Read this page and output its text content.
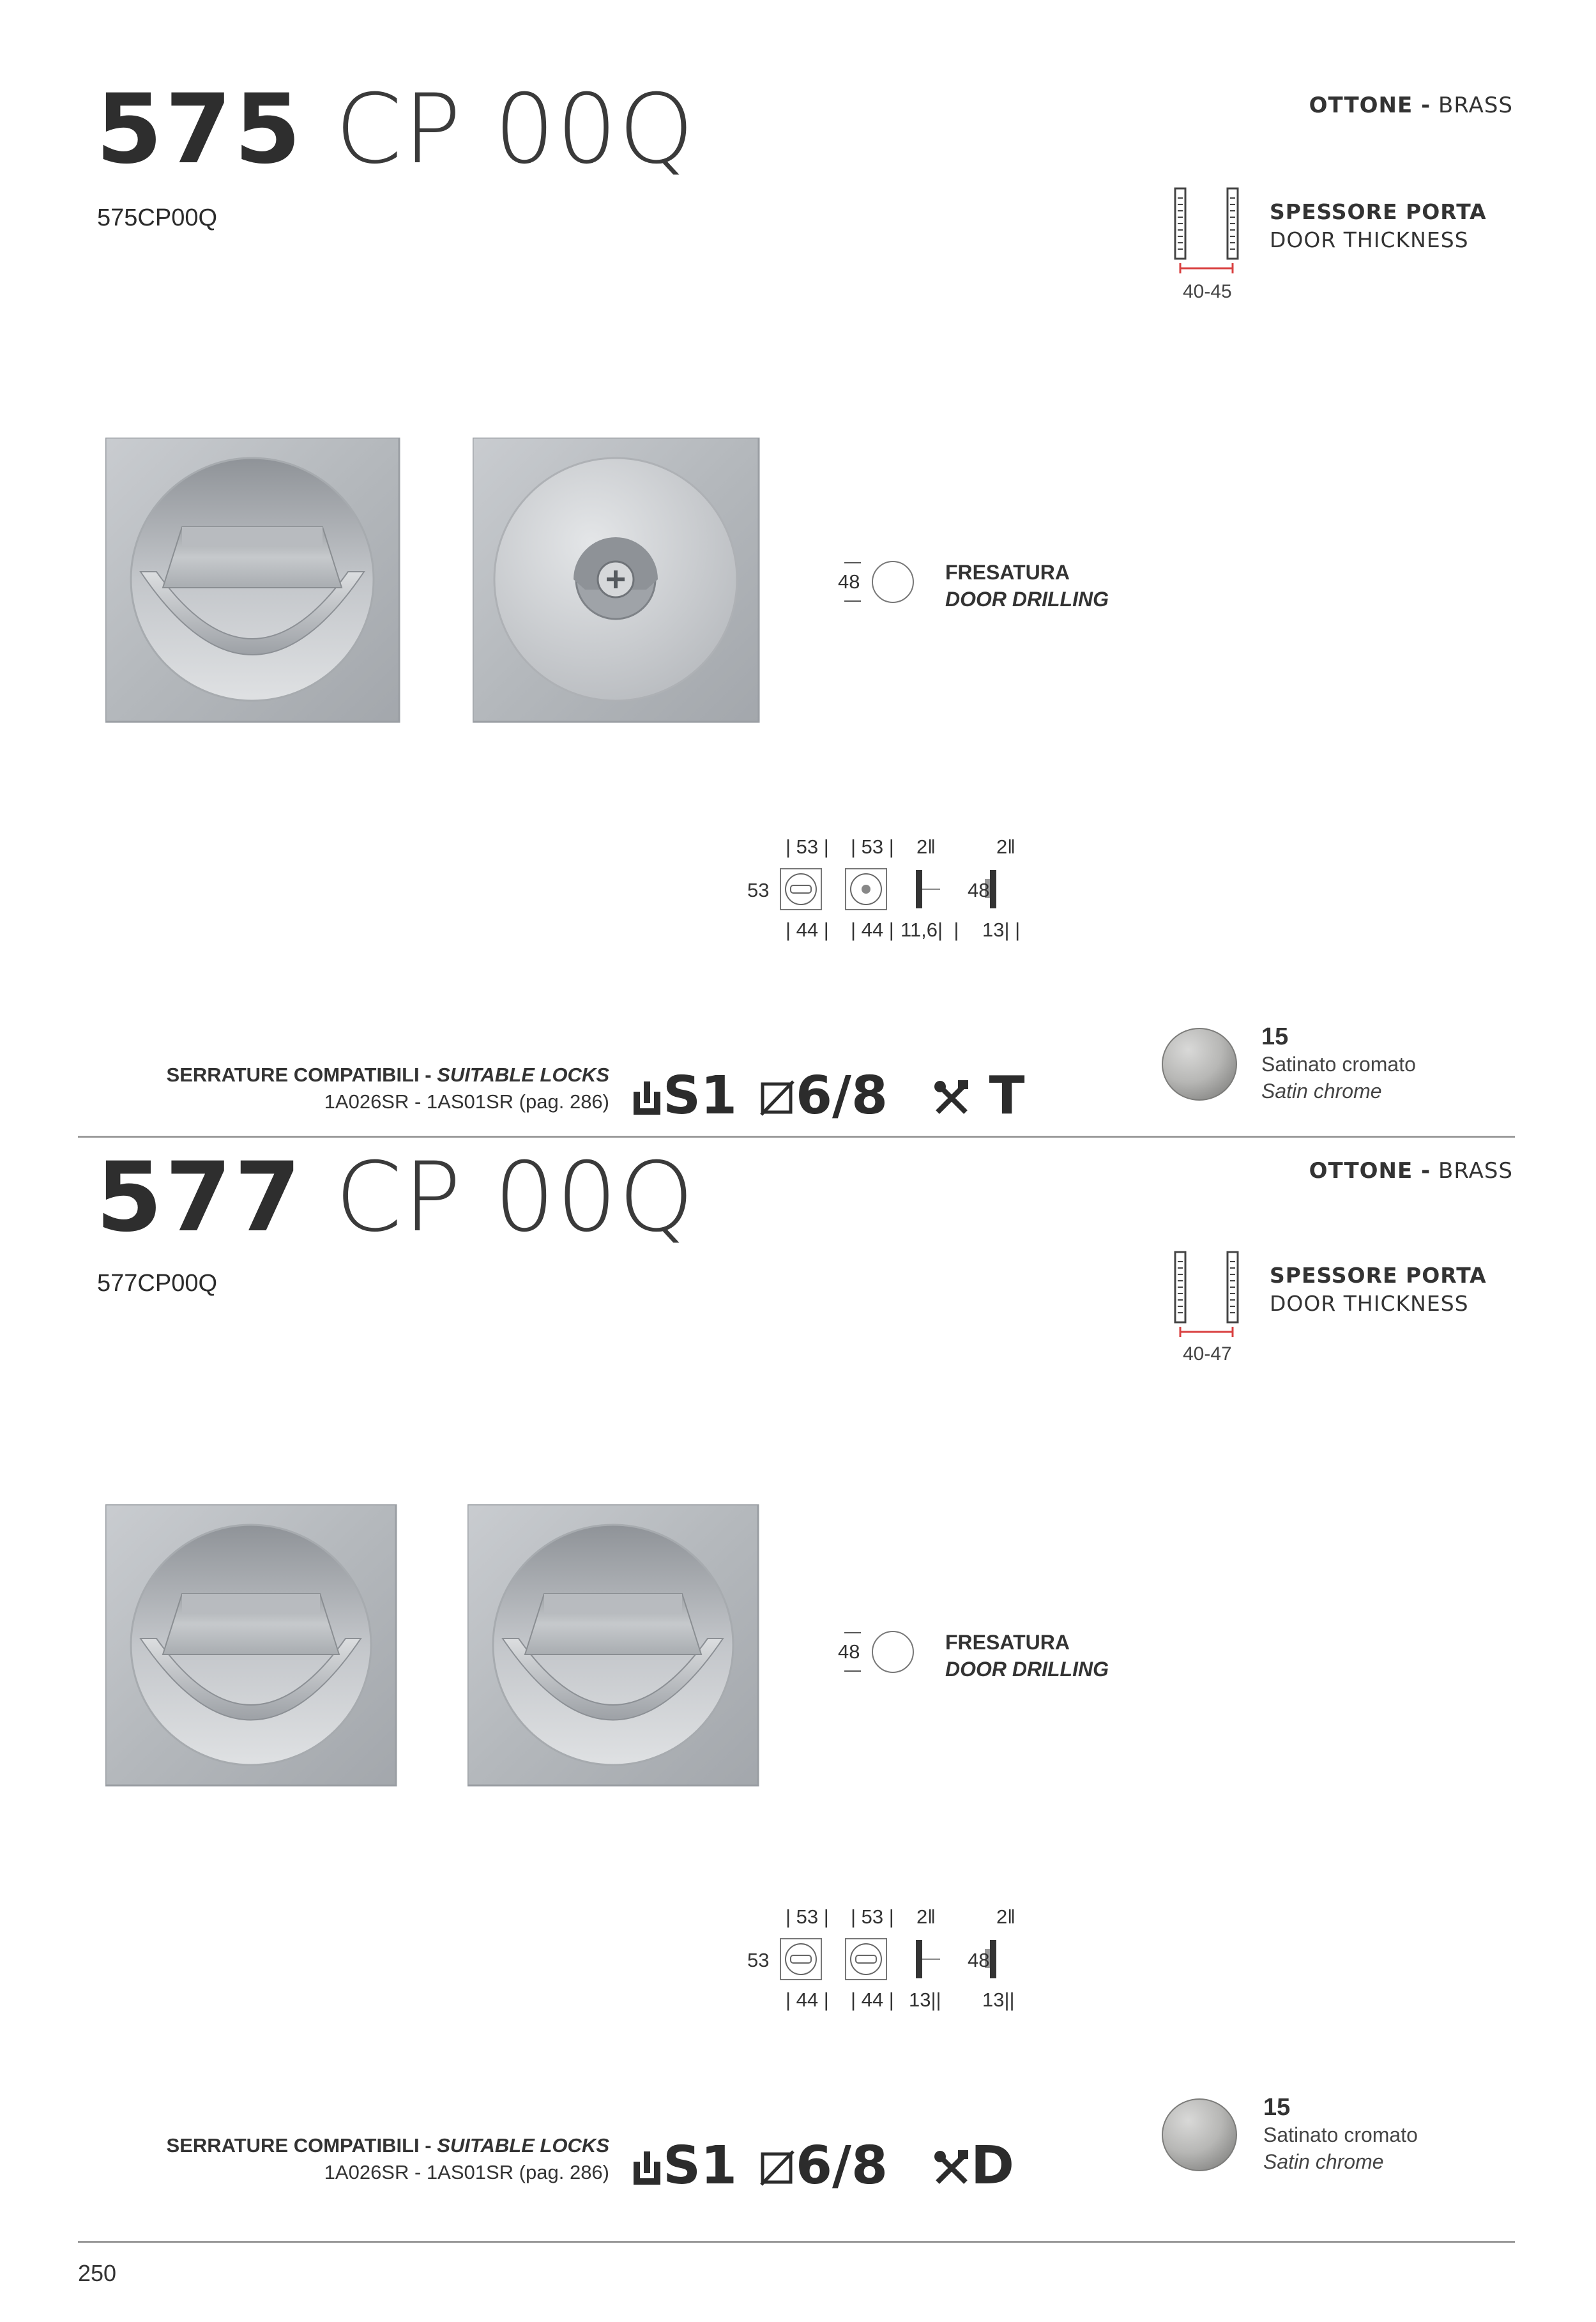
575 CP 00Q
575CP00Q
OTTONE - BRASS
40-45
SPESSORE PORTA
DOOR THICKNESS
48	FRESATURA
DOOR DRILLING
| 53 | | 53 | 2‖	2‖
53	48
| 44 | | 44 | 11,6|  | 13| |
SERRATURE COMPATIBILI - SUITABLE LOCKS
1A026SR - 1AS01SR (pag. 286)	S1	6/8	T
15
Satinato cromato
Satin chrome
577 CP 00Q
577CP00Q
OTTONE - BRASS
40-47
SPESSORE PORTA
DOOR THICKNESS
48	FRESATURA
DOOR DRILLING
| 53 | | 53 | 2‖	2‖
53	48
| 44 | | 44 | 13|| 13||
SERRATURE COMPATIBILI - SUITABLE LOCKS
1A026SR - 1AS01SR (pag. 286)	S1	6/8	D
15
Satinato cromato
Satin chrome
250
